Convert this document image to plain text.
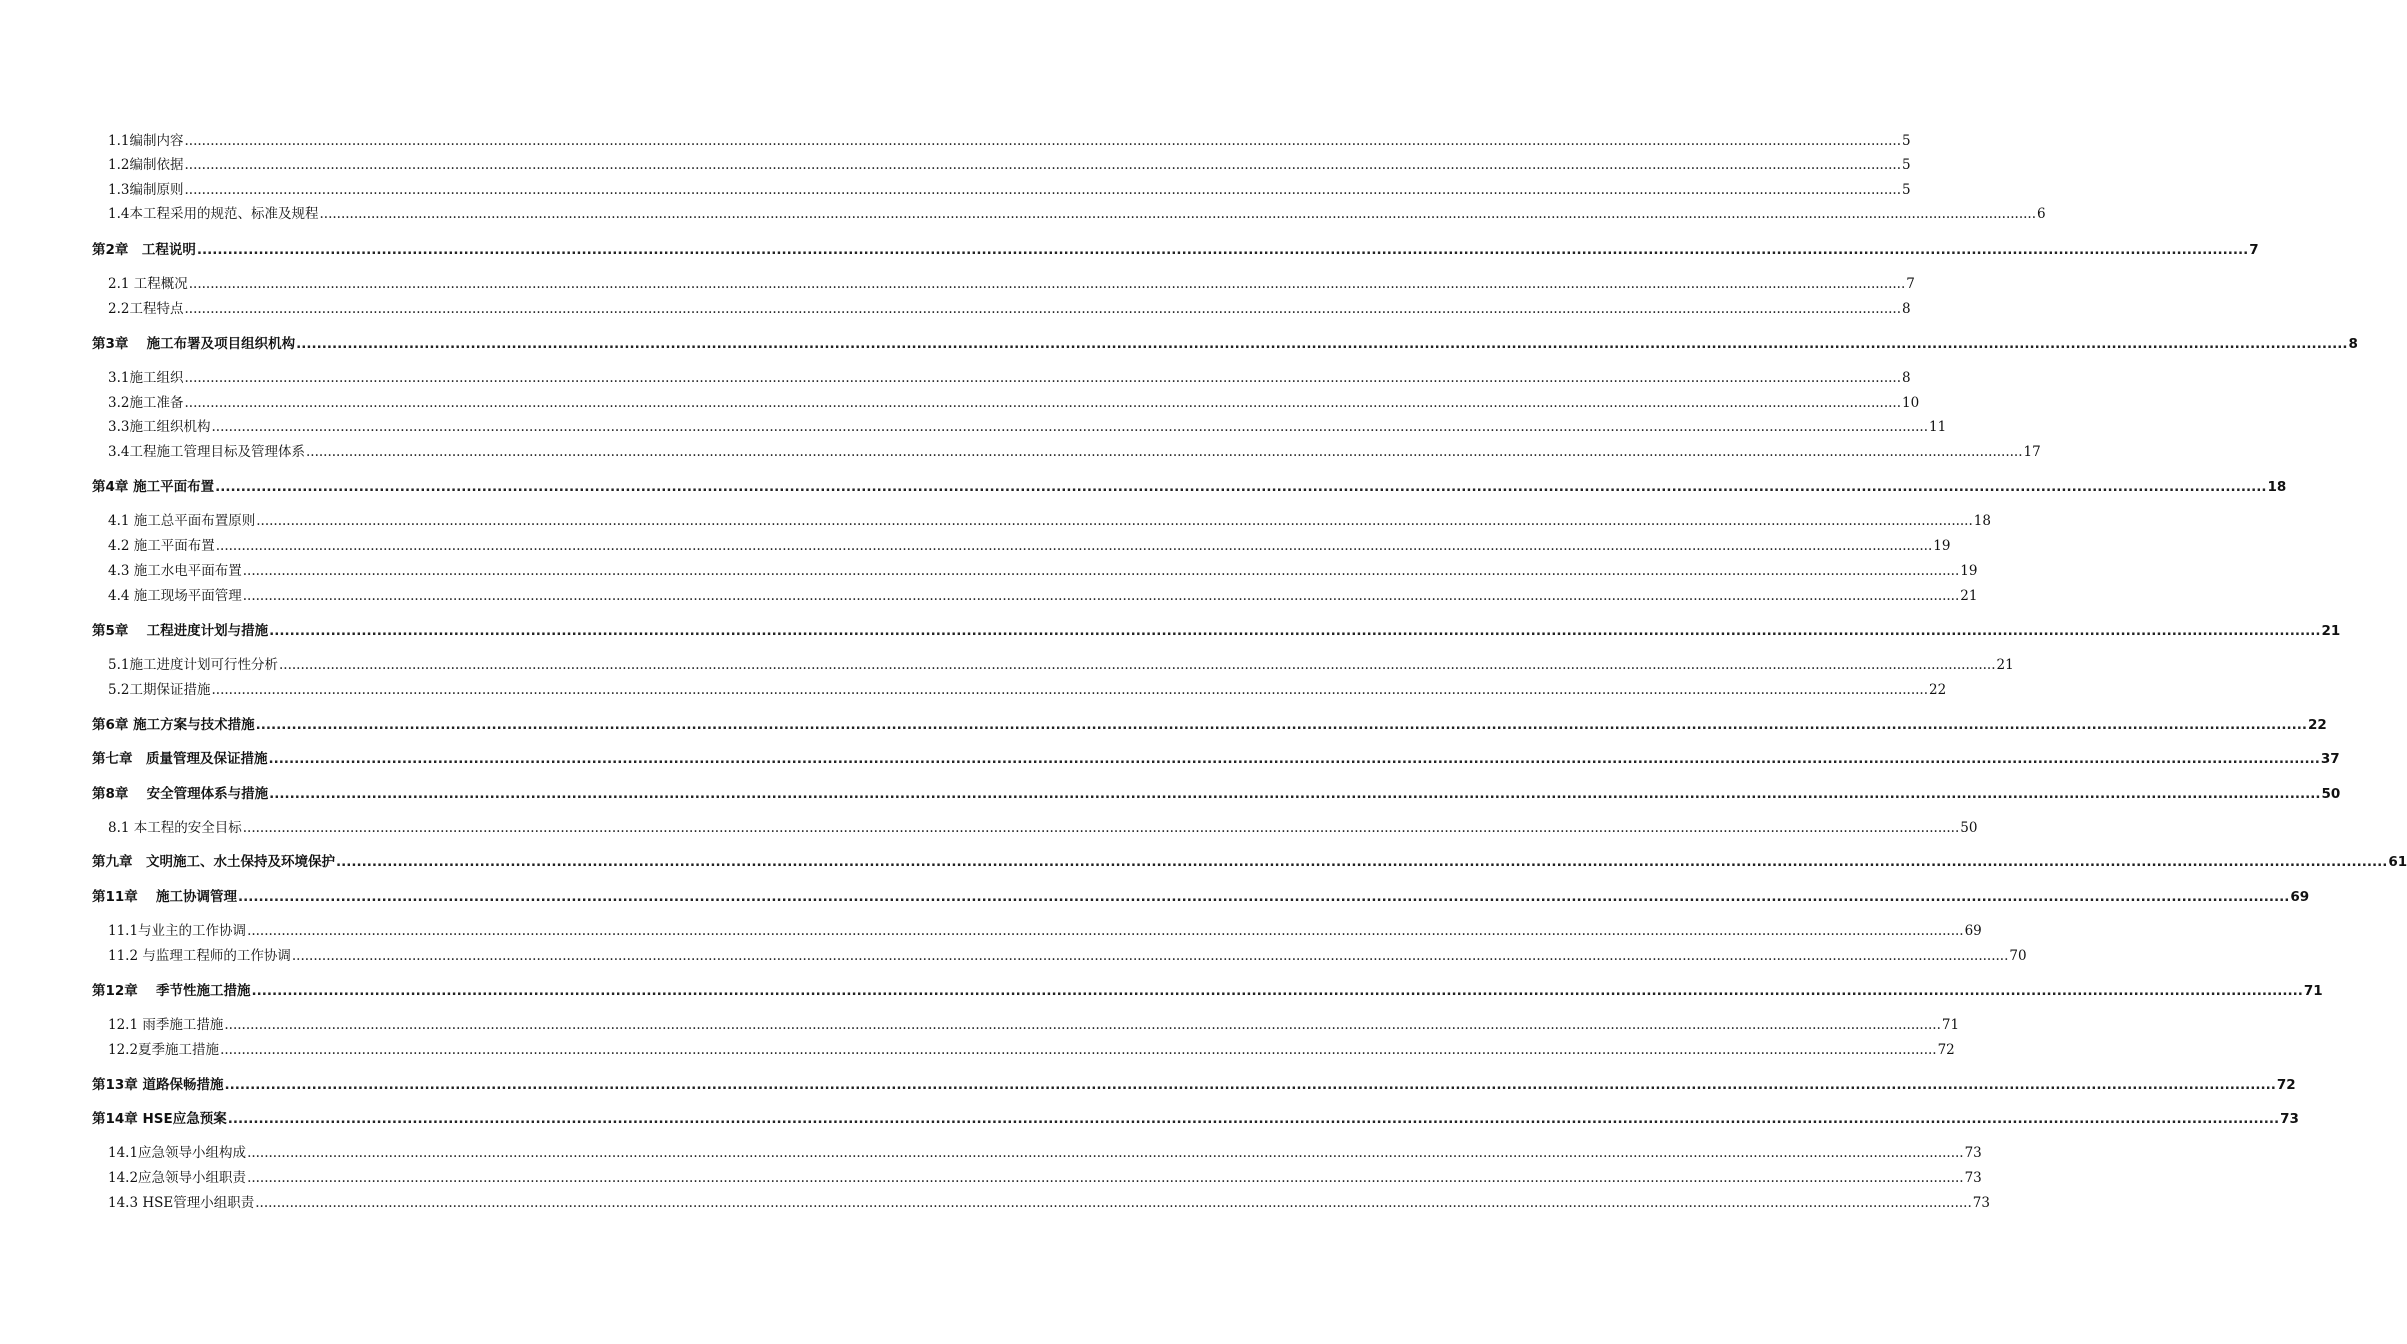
1.1编制内容 ................................................................................................................................................................................................................................................................................................................................................................................................................ 5
1.2编制依据 ................................................................................................................................................................................................................................................................................................................................................................................................................ 5
1.3编制原则 ................................................................................................................................................................................................................................................................................................................................................................................................................ 5
1.4本工程采用的规范、标准及规程 ................................................................................................................................................................................................................................................................................................................................................................................................................ 6
第2章　工程说明 ................................................................................................................................................................................................................................................................................................................................................................................................................ 7
2.1 工程概况 ................................................................................................................................................................................................................................................................................................................................................................................................................ 7
2.2工程特点 ................................................................................................................................................................................................................................................................................................................................................................................................................ 8
第3章　 施工布署及项目组织机构 ................................................................................................................................................................................................................................................................................................................................................................................................................ 8
3.1施工组织 ................................................................................................................................................................................................................................................................................................................................................................................................................ 8
3.2施工准备 ................................................................................................................................................................................................................................................................................................................................................................................................................ 10
3.3施工组织机构 ................................................................................................................................................................................................................................................................................................................................................................................................................ 11
3.4工程施工管理目标及管理体系 ................................................................................................................................................................................................................................................................................................................................................................................................................ 17
第4章 施工平面布置 ................................................................................................................................................................................................................................................................................................................................................................................................................ 18
4.1 施工总平面布置原则 ................................................................................................................................................................................................................................................................................................................................................................................................................ 18
4.2 施工平面布置 ................................................................................................................................................................................................................................................................................................................................................................................................................ 19
4.3 施工水电平面布置 ................................................................................................................................................................................................................................................................................................................................................................................................................ 19
4.4 施工现场平面管理 ................................................................................................................................................................................................................................................................................................................................................................................................................ 21
第5章　 工程进度计划与措施 ................................................................................................................................................................................................................................................................................................................................................................................................................ 21
5.1施工进度计划可行性分析 ................................................................................................................................................................................................................................................................................................................................................................................................................ 21
5.2工期保证措施 ................................................................................................................................................................................................................................................................................................................................................................................................................ 22
第6章 施工方案与技术措施 ................................................................................................................................................................................................................................................................................................................................................................................................................ 22
第七章　质量管理及保证措施 ................................................................................................................................................................................................................................................................................................................................................................................................................ 37
第8章　 安全管理体系与措施 ................................................................................................................................................................................................................................................................................................................................................................................................................ 50
8.1 本工程的安全目标 ................................................................................................................................................................................................................................................................................................................................................................................................................ 50
第九章　文明施工、水土保持及环境保护 ................................................................................................................................................................................................................................................................................................................................................................................................................ 61
第11章　 施工协调管理 ................................................................................................................................................................................................................................................................................................................................................................................................................ 69
11.1与业主的工作协调 ................................................................................................................................................................................................................................................................................................................................................................................................................ 69
11.2 与监理工程师的工作协调 ................................................................................................................................................................................................................................................................................................................................................................................................................ 70
第12章　 季节性施工措施 ................................................................................................................................................................................................................................................................................................................................................................................................................ 71
12.1 雨季施工措施 ................................................................................................................................................................................................................................................................................................................................................................................................................ 71
12.2夏季施工措施 ................................................................................................................................................................................................................................................................................................................................................................................................................ 72
第13章 道路保畅措施 ................................................................................................................................................................................................................................................................................................................................................................................................................ 72
第14章 HSE应急预案 ................................................................................................................................................................................................................................................................................................................................................................................................................ 73
14.1应急领导小组构成 ................................................................................................................................................................................................................................................................................................................................................................................................................ 73
14.2应急领导小组职责 ................................................................................................................................................................................................................................................................................................................................................................................................................ 73
14.3 HSE管理小组职责 ................................................................................................................................................................................................................................................................................................................................................................................................................ 73
